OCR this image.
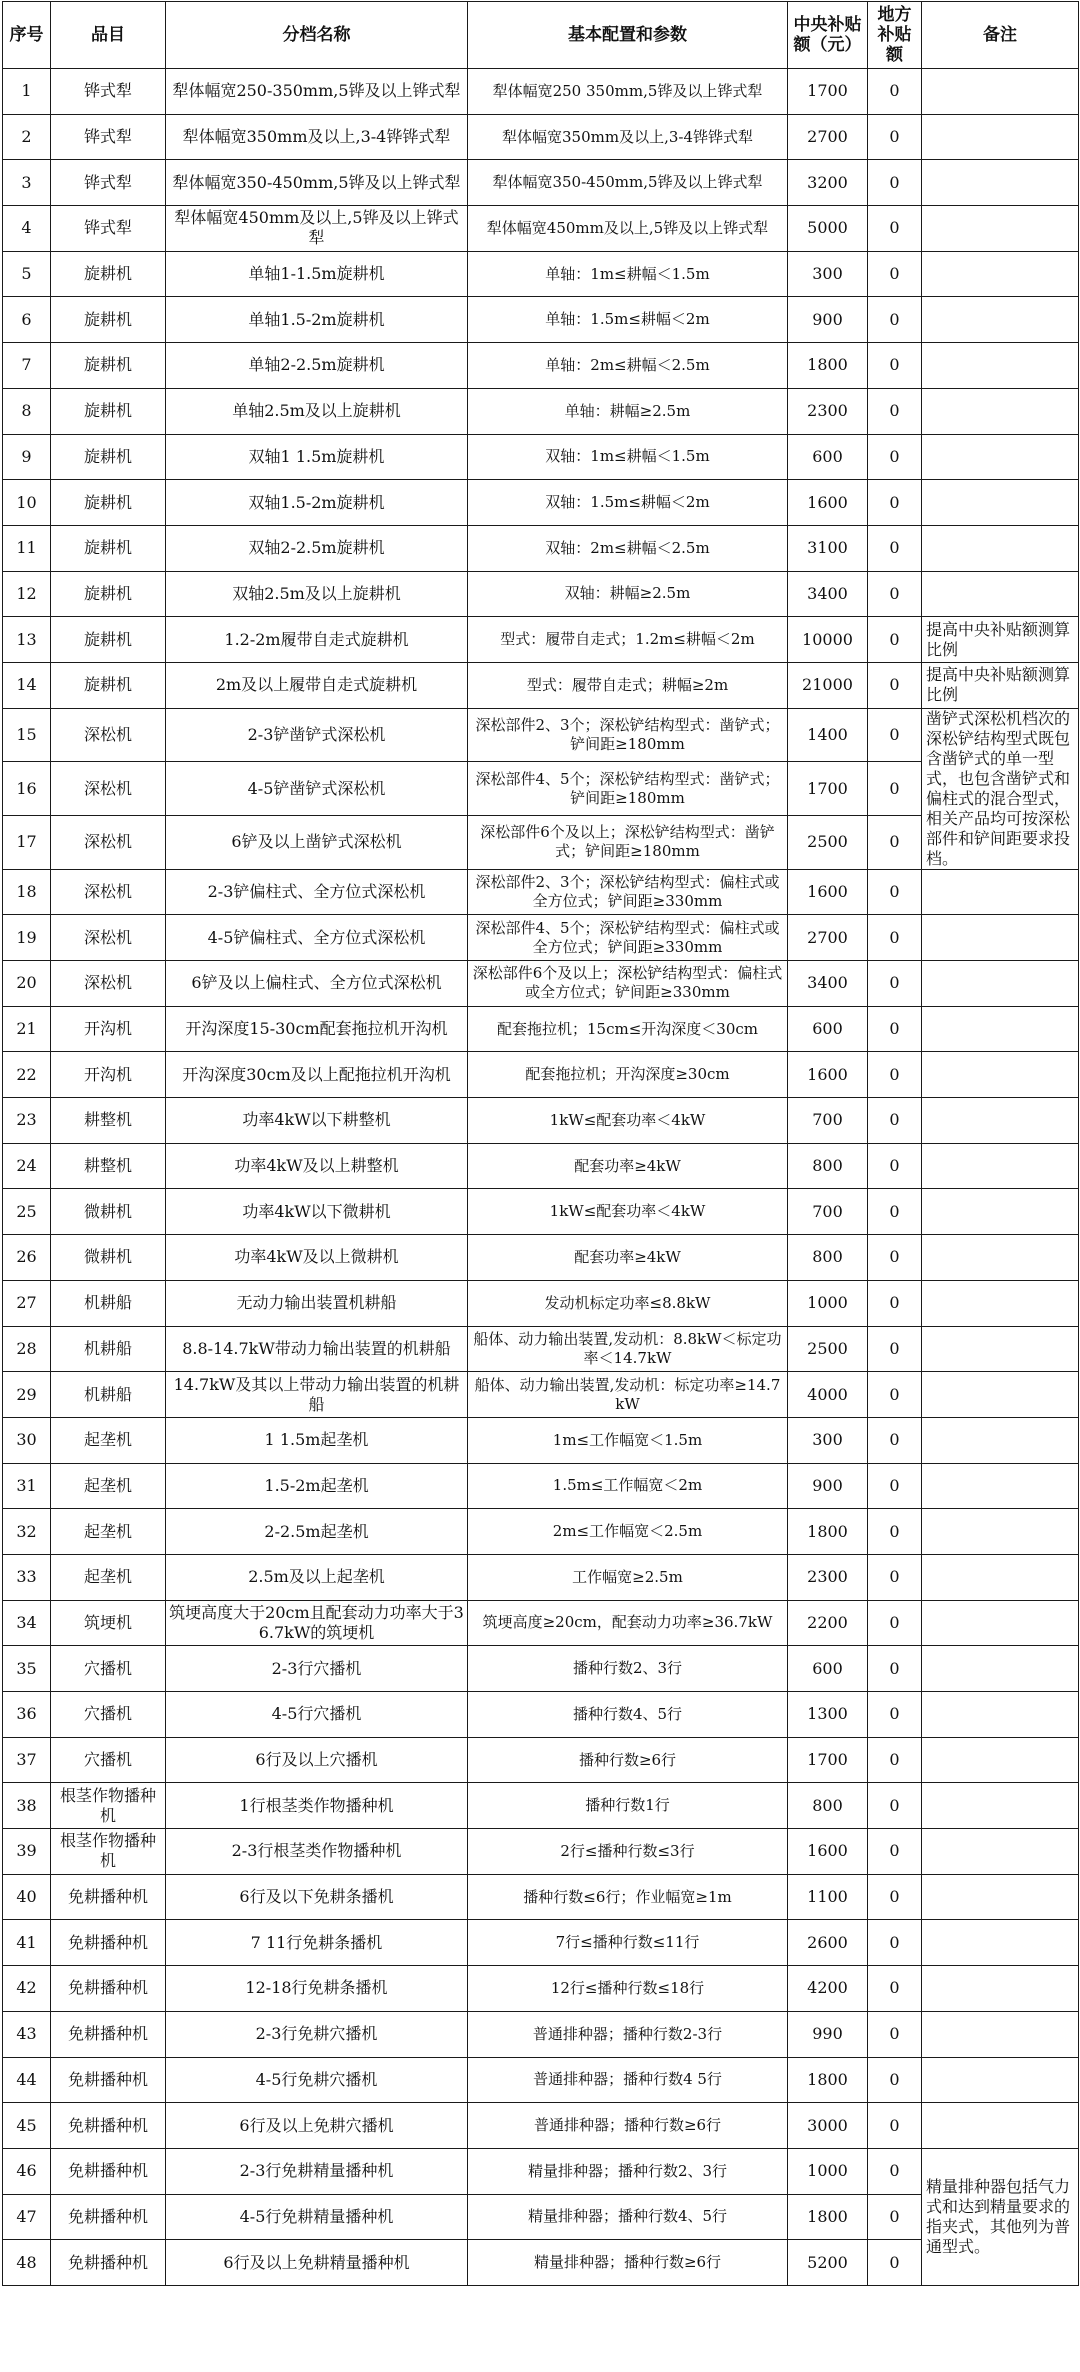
序号	品目	分档名称	基本配置和参数	中央补贴额（元）	地方补贴额	备注
1	铧式犁	犁体幅宽250-350mm,5铧及以上铧式犁	犁体幅宽250 350mm,5铧及以上铧式犁	1700	0	
2	铧式犁	犁体幅宽350mm及以上,3-4铧铧式犁	犁体幅宽350mm及以上,3-4铧铧式犁	2700	0	
3	铧式犁	犁体幅宽350-450mm,5铧及以上铧式犁	犁体幅宽350-450mm,5铧及以上铧式犁	3200	0	
4	铧式犁	犁体幅宽450mm及以上,5铧及以上铧式犁	犁体幅宽450mm及以上,5铧及以上铧式犁	5000	0	
5	旋耕机	单轴1-1.5m旋耕机	单轴：1m≤耕幅＜1.5m	300	0	
6	旋耕机	单轴1.5-2m旋耕机	单轴：1.5m≤耕幅＜2m	900	0	
7	旋耕机	单轴2-2.5m旋耕机	单轴：2m≤耕幅＜2.5m	1800	0	
8	旋耕机	单轴2.5m及以上旋耕机	单轴：耕幅≥2.5m	2300	0	
9	旋耕机	双轴1 1.5m旋耕机	双轴：1m≤耕幅＜1.5m	600	0	
10	旋耕机	双轴1.5-2m旋耕机	双轴：1.5m≤耕幅＜2m	1600	0	
11	旋耕机	双轴2-2.5m旋耕机	双轴：2m≤耕幅＜2.5m	3100	0	
12	旋耕机	双轴2.5m及以上旋耕机	双轴：耕幅≥2.5m	3400	0	
13	旋耕机	1.2-2m履带自走式旋耕机	型式：履带自走式；1.2m≤耕幅＜2m	10000	0	提高中央补贴额测算比例
14	旋耕机	2m及以上履带自走式旋耕机	型式：履带自走式；耕幅≥2m	21000	0	提高中央补贴额测算比例
15	深松机	2-3铲凿铲式深松机	深松部件2、3个；深松铲结构型式：凿铲式；铲间距≥180mm	1400	0	凿铲式深松机档次的深松铲结构型式既包含凿铲式的单一型式，也包含凿铲式和偏柱式的混合型式，相关产品均可按深松部件和铲间距要求投档。
16	深松机	4-5铲凿铲式深松机	深松部件4、5个；深松铲结构型式：凿铲式；铲间距≥180mm	1700	0	
17	深松机	6铲及以上凿铲式深松机	深松部件6个及以上；深松铲结构型式：凿铲式；铲间距≥180mm	2500	0	
18	深松机	2-3铲偏柱式、全方位式深松机	深松部件2、3个；深松铲结构型式：偏柱式或全方位式；铲间距≥330mm	1600	0	
19	深松机	4-5铲偏柱式、全方位式深松机	深松部件4、5个；深松铲结构型式：偏柱式或全方位式；铲间距≥330mm	2700	0	
20	深松机	6铲及以上偏柱式、全方位式深松机	深松部件6个及以上；深松铲结构型式：偏柱式或全方位式；铲间距≥330mm	3400	0	
21	开沟机	开沟深度15-30cm配套拖拉机开沟机	配套拖拉机；15cm≤开沟深度＜30cm	600	0	
22	开沟机	开沟深度30cm及以上配拖拉机开沟机	配套拖拉机；开沟深度≥30cm	1600	0	
23	耕整机	功率4kW以下耕整机	1kW≤配套功率＜4kW	700	0	
24	耕整机	功率4kW及以上耕整机	配套功率≥4kW	800	0	
25	微耕机	功率4kW以下微耕机	1kW≤配套功率＜4kW	700	0	
26	微耕机	功率4kW及以上微耕机	配套功率≥4kW	800	0	
27	机耕船	无动力输出装置机耕船	发动机标定功率≤8.8kW	1000	0	
28	机耕船	8.8-14.7kW带动力输出装置的机耕船	船体、动力输出装置,发动机：8.8kW＜标定功率＜14.7kW	2500	0	
29	机耕船	14.7kW及其以上带动力输出装置的机耕船	船体、动力输出装置,发动机：标定功率≥14.7kW	4000	0	
30	起垄机	1 1.5m起垄机	1m≤工作幅宽＜1.5m	300	0	
31	起垄机	1.5-2m起垄机	1.5m≤工作幅宽＜2m	900	0	
32	起垄机	2-2.5m起垄机	2m≤工作幅宽＜2.5m	1800	0	
33	起垄机	2.5m及以上起垄机	工作幅宽≥2.5m	2300	0	
34	筑埂机	筑埂高度大于20cm且配套动力功率大于36.7kW的筑埂机	筑埂高度≥20cm，配套动力功率≥36.7kW	2200	0	
35	穴播机	2-3行穴播机	播种行数2、3行	600	0	
36	穴播机	4-5行穴播机	播种行数4、5行	1300	0	
37	穴播机	6行及以上穴播机	播种行数≥6行	1700	0	
38	根茎作物播种机	1行根茎类作物播种机	播种行数1行	800	0	
39	根茎作物播种机	2-3行根茎类作物播种机	2行≤播种行数≤3行	1600	0	
40	免耕播种机	6行及以下免耕条播机	播种行数≤6行；作业幅宽≥1m	1100	0	
41	免耕播种机	7 11行免耕条播机	7行≤播种行数≤11行	2600	0	
42	免耕播种机	12-18行免耕条播机	12行≤播种行数≤18行	4200	0	
43	免耕播种机	2-3行免耕穴播机	普通排种器；播种行数2-3行	990	0	
44	免耕播种机	4-5行免耕穴播机	普通排种器；播种行数4 5行	1800	0	
45	免耕播种机	6行及以上免耕穴播机	普通排种器；播种行数≥6行	3000	0	
46	免耕播种机	2-3行免耕精量播种机	精量排种器；播种行数2、3行	1000	0	精量排种器包括气力式和达到精量要求的指夹式，其他列为普通型式。
47	免耕播种机	4-5行免耕精量播种机	精量排种器；播种行数4、5行	1800	0	
48	免耕播种机	6行及以上免耕精量播种机	精量排种器；播种行数≥6行	5200	0	
